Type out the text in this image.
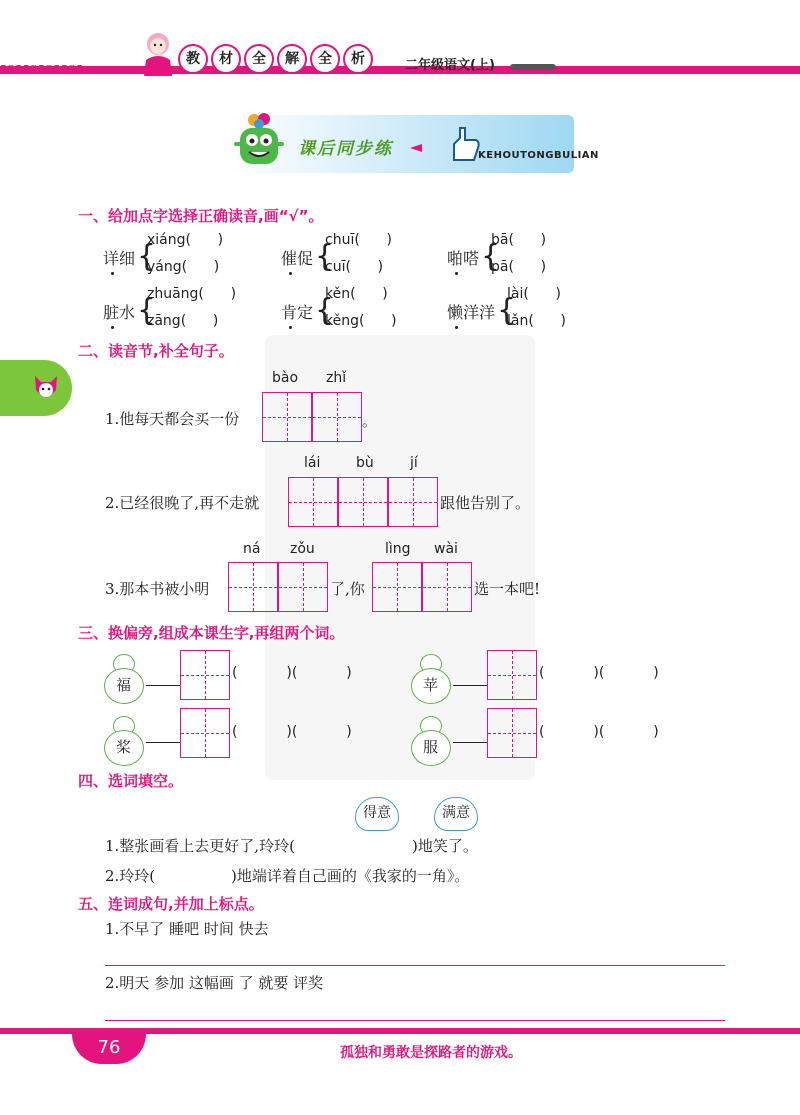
教	材	全	解	全	析	二年级语文(上)
课后同步练	KEHOUTONGBULIAN
一、给加点字选择正确读音,画“√”。
详细 {
xiáng(      )
yáng(      )	催促 {
chuī(      )
cuī(      )	啪嗒 {
bā(      )
pā(      )
脏水 {
zhuāng(      )
zāng(      )	肯定 {
kěn(      )
kěng(      )	懒洋洋 {
lài(      )
lǎn(      )
二、读音节,补全句子。
bào zhǐ
1.他每天都会买一份	。
lái	bù	jí
2.已经很晚了,再不走就	跟他告别了。
ná zǒu	lìng wài
3.那本书被小明	了,你	选一本吧!
三、换偏旁,组成本课生字,再组两个词。
福
(           )(           )
苹
(           )(           )
桨
(           )(           )
服
(           )(           )
四、选词填空。
得意	满意
1.整张画看上去更好了,玲玲(	)地笑了。
2.玲玲(	)地端详着自己画的《我家的一角》。
五、连词成句,并加上标点。
1.不早了 睡吧 时间 快去
2.明天 参加 这幅画 了 就要 评奖
76	孤独和勇敢是探路者的游戏。
